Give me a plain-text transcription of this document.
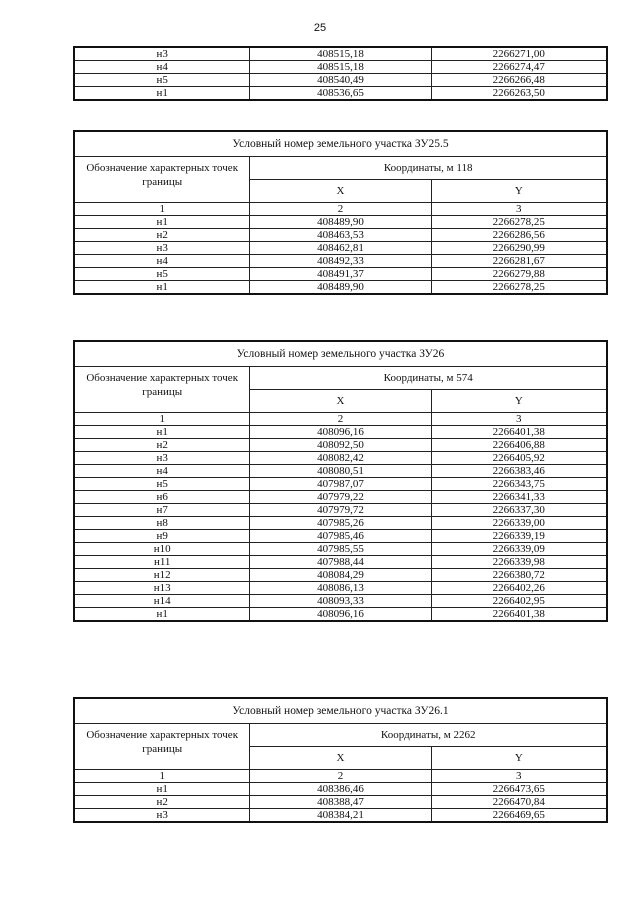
25
н3	408515,18	2266271,00
н4	408515,18	2266274,47
н5	408540,49	2266266,48
н1	408536,65	2266263,50
Условный номер земельного участка ЗУ25.5		
Обозначение характерных точек границы	Координаты, м 118	
	X	Y
1	2	3
н1	408489,90	2266278,25
н2	408463,53	2266286,56
н3	408462,81	2266290,99
н4	408492,33	2266281,67
н5	408491,37	2266279,88
н1	408489,90	2266278,25
Условный номер земельного участка ЗУ26		
Обозначение характерных точек границы	Координаты, м 574	
	X	Y
1	2	3
н1	408096,16	2266401,38
н2	408092,50	2266406,88
н3	408082,42	2266405,92
н4	408080,51	2266383,46
н5	407987,07	2266343,75
н6	407979,22	2266341,33
н7	407979,72	2266337,30
н8	407985,26	2266339,00
н9	407985,46	2266339,19
н10	407985,55	2266339,09
н11	407988,44	2266339,98
н12	408084,29	2266380,72
н13	408086,13	2266402,26
н14	408093,33	2266402,95
н1	408096,16	2266401,38
Условный номер земельного участка ЗУ26.1		
Обозначение характерных точек границы	Координаты, м 2262	
	X	Y
1	2	3
н1	408386,46	2266473,65
н2	408388,47	2266470,84
н3	408384,21	2266469,65
